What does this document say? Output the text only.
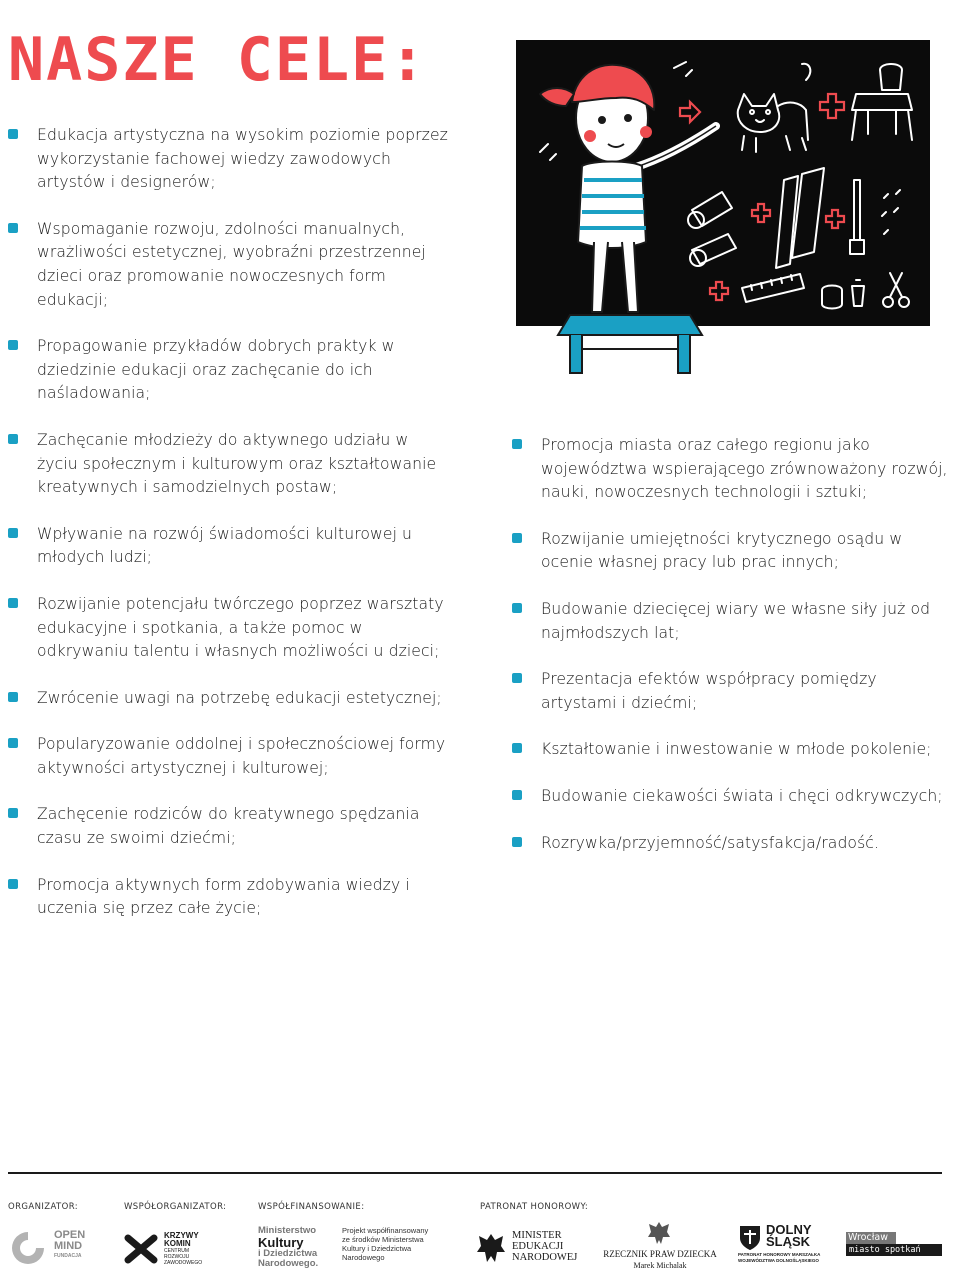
NASZE CELE:
Edukacja artystyczna na wysokim poziomie poprzez wykorzystanie fachowej wiedzy zawodowych artystów i designerów;
Wspomaganie rozwoju, zdolności manualnych, wrażliwości estetycznej, wyobraźni przestrzennej dzieci oraz promowanie nowoczesnych form edukacji;
Propagowanie przykładów dobrych praktyk w dziedzinie edukacji oraz zachęcanie do ich naśladowania;
Zachęcanie młodzieży do aktywnego udziału w życiu społecznym i kulturowym oraz kształtowanie kreatywnych i samodzielnych postaw;
Wpływanie na rozwój świadomości kulturowej u młodych ludzi;
Rozwijanie potencjału twórczego poprzez warsztaty edukacyjne i spotkania, a także pomoc w odkrywaniu talentu i własnych możliwości u dzieci;
Zwrócenie uwagi na potrzebę edukacji estetycznej;
Popularyzowanie oddolnej i społecznościowej formy aktywności artystycznej i kulturowej;
Zachęcenie rodziców do kreatywnego spędzania czasu ze swoimi dziećmi;
Promocja aktywnych form zdobywania wiedzy i uczenia się przez całe życie;
Promocja miasta oraz całego regionu jako województwa wspierającego zrównoważony rozwój, nauki, nowoczesnych technologii i sztuki;
Rozwijanie umiejętności krytycznego osądu w ocenie własnej pracy lub prac innych;
Budowanie dziecięcej wiary we własne siły już od najmłodszych lat;
Prezentacja efektów współpracy pomiędzy artystami i dziećmi;
Kształtowanie i inwestowanie w młode pokolenie;
Budowanie ciekawości świata i chęci odkrywczych;
Rozrywka/przyjemność/satysfakcja/radość.
ORGANIZATOR:	WSPÓŁORGANIZATOR:	WSPÓŁFINANSOWANIE:	PATRONAT HONOROWY:
OPEN
MIND
FUNDACJA
KRZYWY
KOMIN
CENTRUM
ROZWOJU
ZAWODOWEGO
Ministerstwo
Kultury
i Dziedzictwa
Narodowego.
Projekt współfinansowany
ze środków Ministerstwa
Kultury i Dziedzictwa
Narodowego
MINISTER
EDUKACJI
NARODOWEJ	RZECZNIK PRAW DZIECKA
Marek Michalak
DOLNY
ŚLĄSK
PATRONAT HONOROWY MARSZAŁKA
WOJEWÓDZTWA DOLNOŚLĄSKIEGO
Wrocław
miasto spotkań
